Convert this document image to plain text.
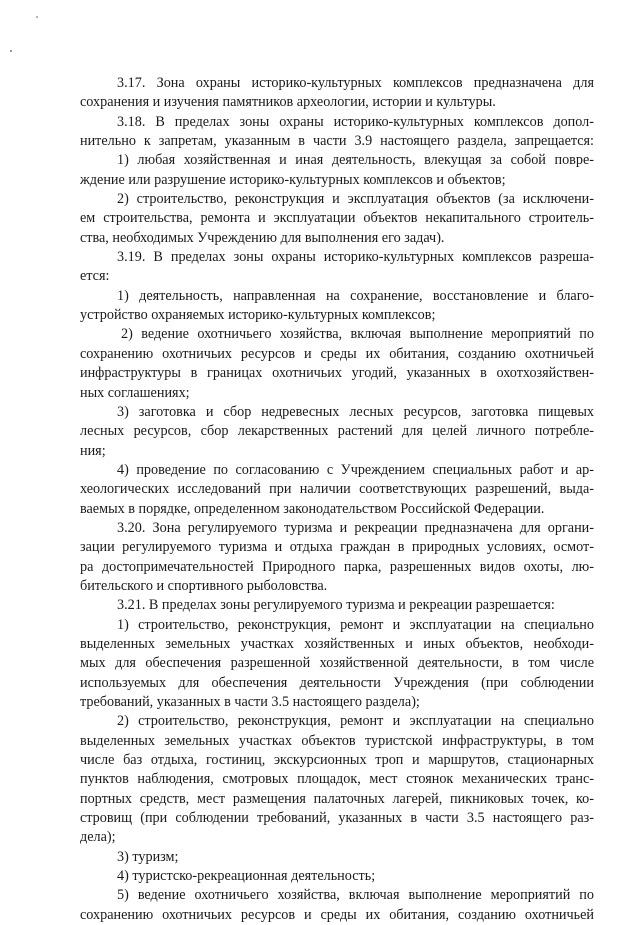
3.17. Зона охраны историко-культурных комплексов предназначена для
сохранения и изучения памятников археологии, истории и культуры.
3.18. В пределах зоны охраны историко-культурных комплексов допол-
нительно к запретам, указанным в части 3.9 настоящего раздела, запрещается:
1) любая хозяйственная и иная деятельность, влекущая за собой повре-
ждение или разрушение историко-культурных комплексов и объектов;
2) строительство, реконструкция и эксплуатация объектов (за исключени-
ем строительства, ремонта и эксплуатации объектов некапитального строитель-
ства, необходимых Учреждению для выполнения его задач).
3.19. В пределах зоны охраны историко-культурных комплексов разреша-
ется:
1) деятельность, направленная на сохранение, восстановление и благо-
устройство охраняемых историко-культурных комплексов;
2) ведение охотничьего хозяйства, включая выполнение мероприятий по
сохранению охотничьих ресурсов и среды их обитания, созданию охотничьей
инфраструктуры в границах охотничьих угодий, указанных в охотхозяйствен-
ных соглашениях;
3) заготовка и сбор недревесных лесных ресурсов, заготовка пищевых
лесных ресурсов, сбор лекарственных растений для целей личного потребле-
ния;
4) проведение по согласованию с Учреждением специальных работ и ар-
хеологических исследований при наличии соответствующих разрешений, выда-
ваемых в порядке, определенном законодательством Российской Федерации.
3.20. Зона регулируемого туризма и рекреации предназначена для органи-
зации регулируемого туризма и отдыха граждан в природных условиях, осмот-
ра достопримечательностей Природного парка, разрешенных видов охоты, лю-
бительского и спортивного рыболовства.
3.21. В пределах зоны регулируемого туризма и рекреации разрешается:
1) строительство, реконструкция, ремонт и эксплуатации на специально
выделенных земельных участках хозяйственных и иных объектов, необходи-
мых для обеспечения разрешенной хозяйственной деятельности, в том числе
используемых для обеспечения деятельности Учреждения (при соблюдении
требований, указанных в части 3.5 настоящего раздела);
2) строительство, реконструкция, ремонт и эксплуатации на специально
выделенных земельных участках объектов туристской инфраструктуры, в том
числе баз отдыха, гостиниц, экскурсионных троп и маршрутов, стационарных
пунктов наблюдения, смотровых площадок, мест стоянок механических транс-
портных средств, мест размещения палаточных лагерей, пикниковых точек, ко-
стровищ (при соблюдении требований, указанных в части 3.5 настоящего раз-
дела);
3) туризм;
4) туристско-рекреационная деятельность;
5) ведение охотничьего хозяйства, включая выполнение мероприятий по
сохранению охотничьих ресурсов и среды их обитания, созданию охотничьей
